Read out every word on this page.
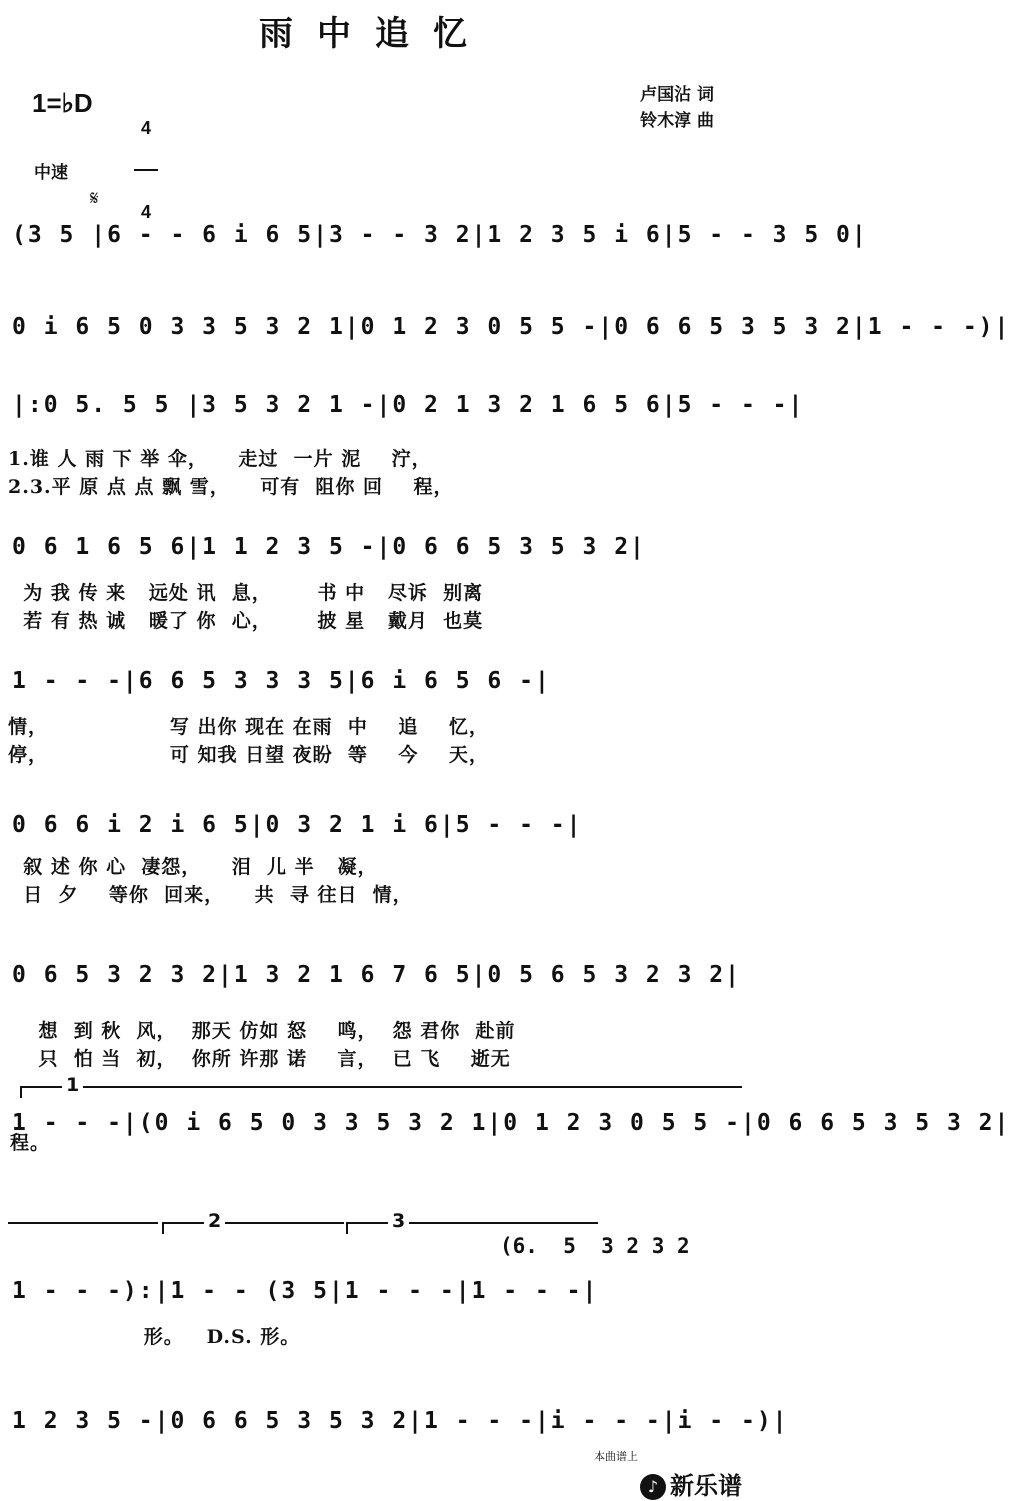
雨中追忆
1=♭D

4

4

卢国沾 词
铃木淳 曲
中速
𝄋

(3 5 |6 - - 6 i 6 5|3 - - 3 2|1 2 3 5 i 6|5 - - 3 5 0|

0 i 6 5 0 3 3 5 3 2 1|0 1 2 3 0 5 5 -|0 6 6 5 3 5 3 2|1 - - -)|

|:0 5. 5 5 |3 5 3 2 1 -|0 2 1 3 2 1 6 5 6|5 - - -|

1.谁 人 雨 下 举 伞，    走过  一片 泥    泞，
2.3.平 原 点 点 飘 雪，    可有  阻你 回    程，

0 6 1 6 5 6|1 1 2 3 5 -|0 6 6 5 3 5 3 2|

为 我 传 来   远处 讯  息，      书 中   尽诉  别离
若 有 热 诚   暖了 你  心，      披 星   戴月  也莫

1 - - -|6 6 5 3 3 3 5|6 i 6 5 6 -|

情，                写 出你 现在 在雨  中    追    忆，
停，                可 知我 日望 夜盼  等    今    天，

0 6 6 i 2 i 6 5|0 3 2 1 i 6|5 - - -|

叙 述 你 心  凄怨，    泪  儿 半   凝，
日  夕    等你  回来，    共  寻 往日  情，

0 6 5 3 2 3 2|1 3 2 1 6 7 6 5|0 5 6 5 3 2 3 2|

想  到 秋  风，  那天 仿如 怒    鸣，  怨 君你  赴前
只  怕 当  初，  你所 许那 诺    言，  已 飞    逝无
1

1 - - -|(0 i 6 5 0 3 3 5 3 2 1|0 1 2 3 0 5 5 -|0 6 6 5 3 5 3 2|

程。
2	3
(6.  5  3 2 3 2

1 - - -):|1 - - (3 5|1 - - -|1 - - -|

形。   D.S. 形。

1 2 3 5 -|0 6 6 5 3 5 3 2|1 - - -|i - - -|i - -)|

本曲谱上

♪ 新乐谱
